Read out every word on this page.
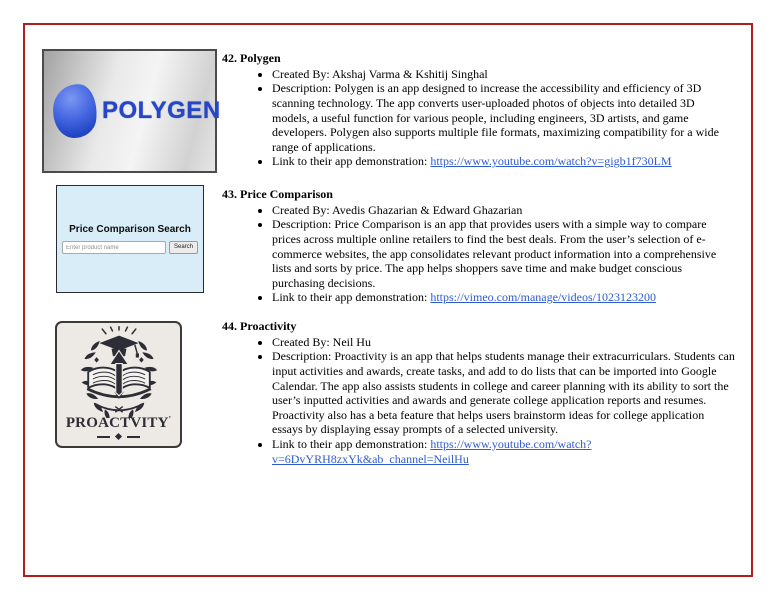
POLYGEN
42. Polygen
• Created By: Akshaj Varma & Kshitij Singhal
• Description: Polygen is an app designed to increase the accessibility and efficiency of 3D scanning technology. The app converts user-uploaded photos of objects into detailed 3D models, a useful function for various people, including engineers, 3D artists, and game developers. Polygen also supports multiple file formats, maximizing compatibility for a wide range of applications.
• Link to their app demonstration: https://www.youtube.com/watch?v=gigb1f730LM
Price Comparison Search
Enter product name
Search
43. Price Comparison
• Created By: Avedis Ghazarian & Edward Ghazarian
• Description: Price Comparison is an app that provides users with a simple way to compare prices across multiple online retailers to find the best deals. From the user’s selection of e-commerce websites, the app consolidates relevant product information into a comprehensive lists and sorts by price. The app helps shoppers save time and make budget conscious purchasing decisions.
• Link to their app demonstration: https://vimeo.com/manage/videos/1023123200
PROACTVITY’
44. Proactivity
• Created By: Neil Hu
• Description: Proactivity is an app that helps students manage their extracurriculars. Students can input activities and awards, create tasks, and add to do lists that can be imported into Google Calendar. The app also assists students in college and career planning with its ability to sort the user’s inputted activities and awards and generate college application reports and resumes. Proactivity also has a beta feature that helps users brainstorm ideas for college application essays by displaying essay prompts of a selected university.
• Link to their app demonstration: https://www.youtube.com/watch?v=6DvYRH8zxYk&ab_channel=NeilHu
